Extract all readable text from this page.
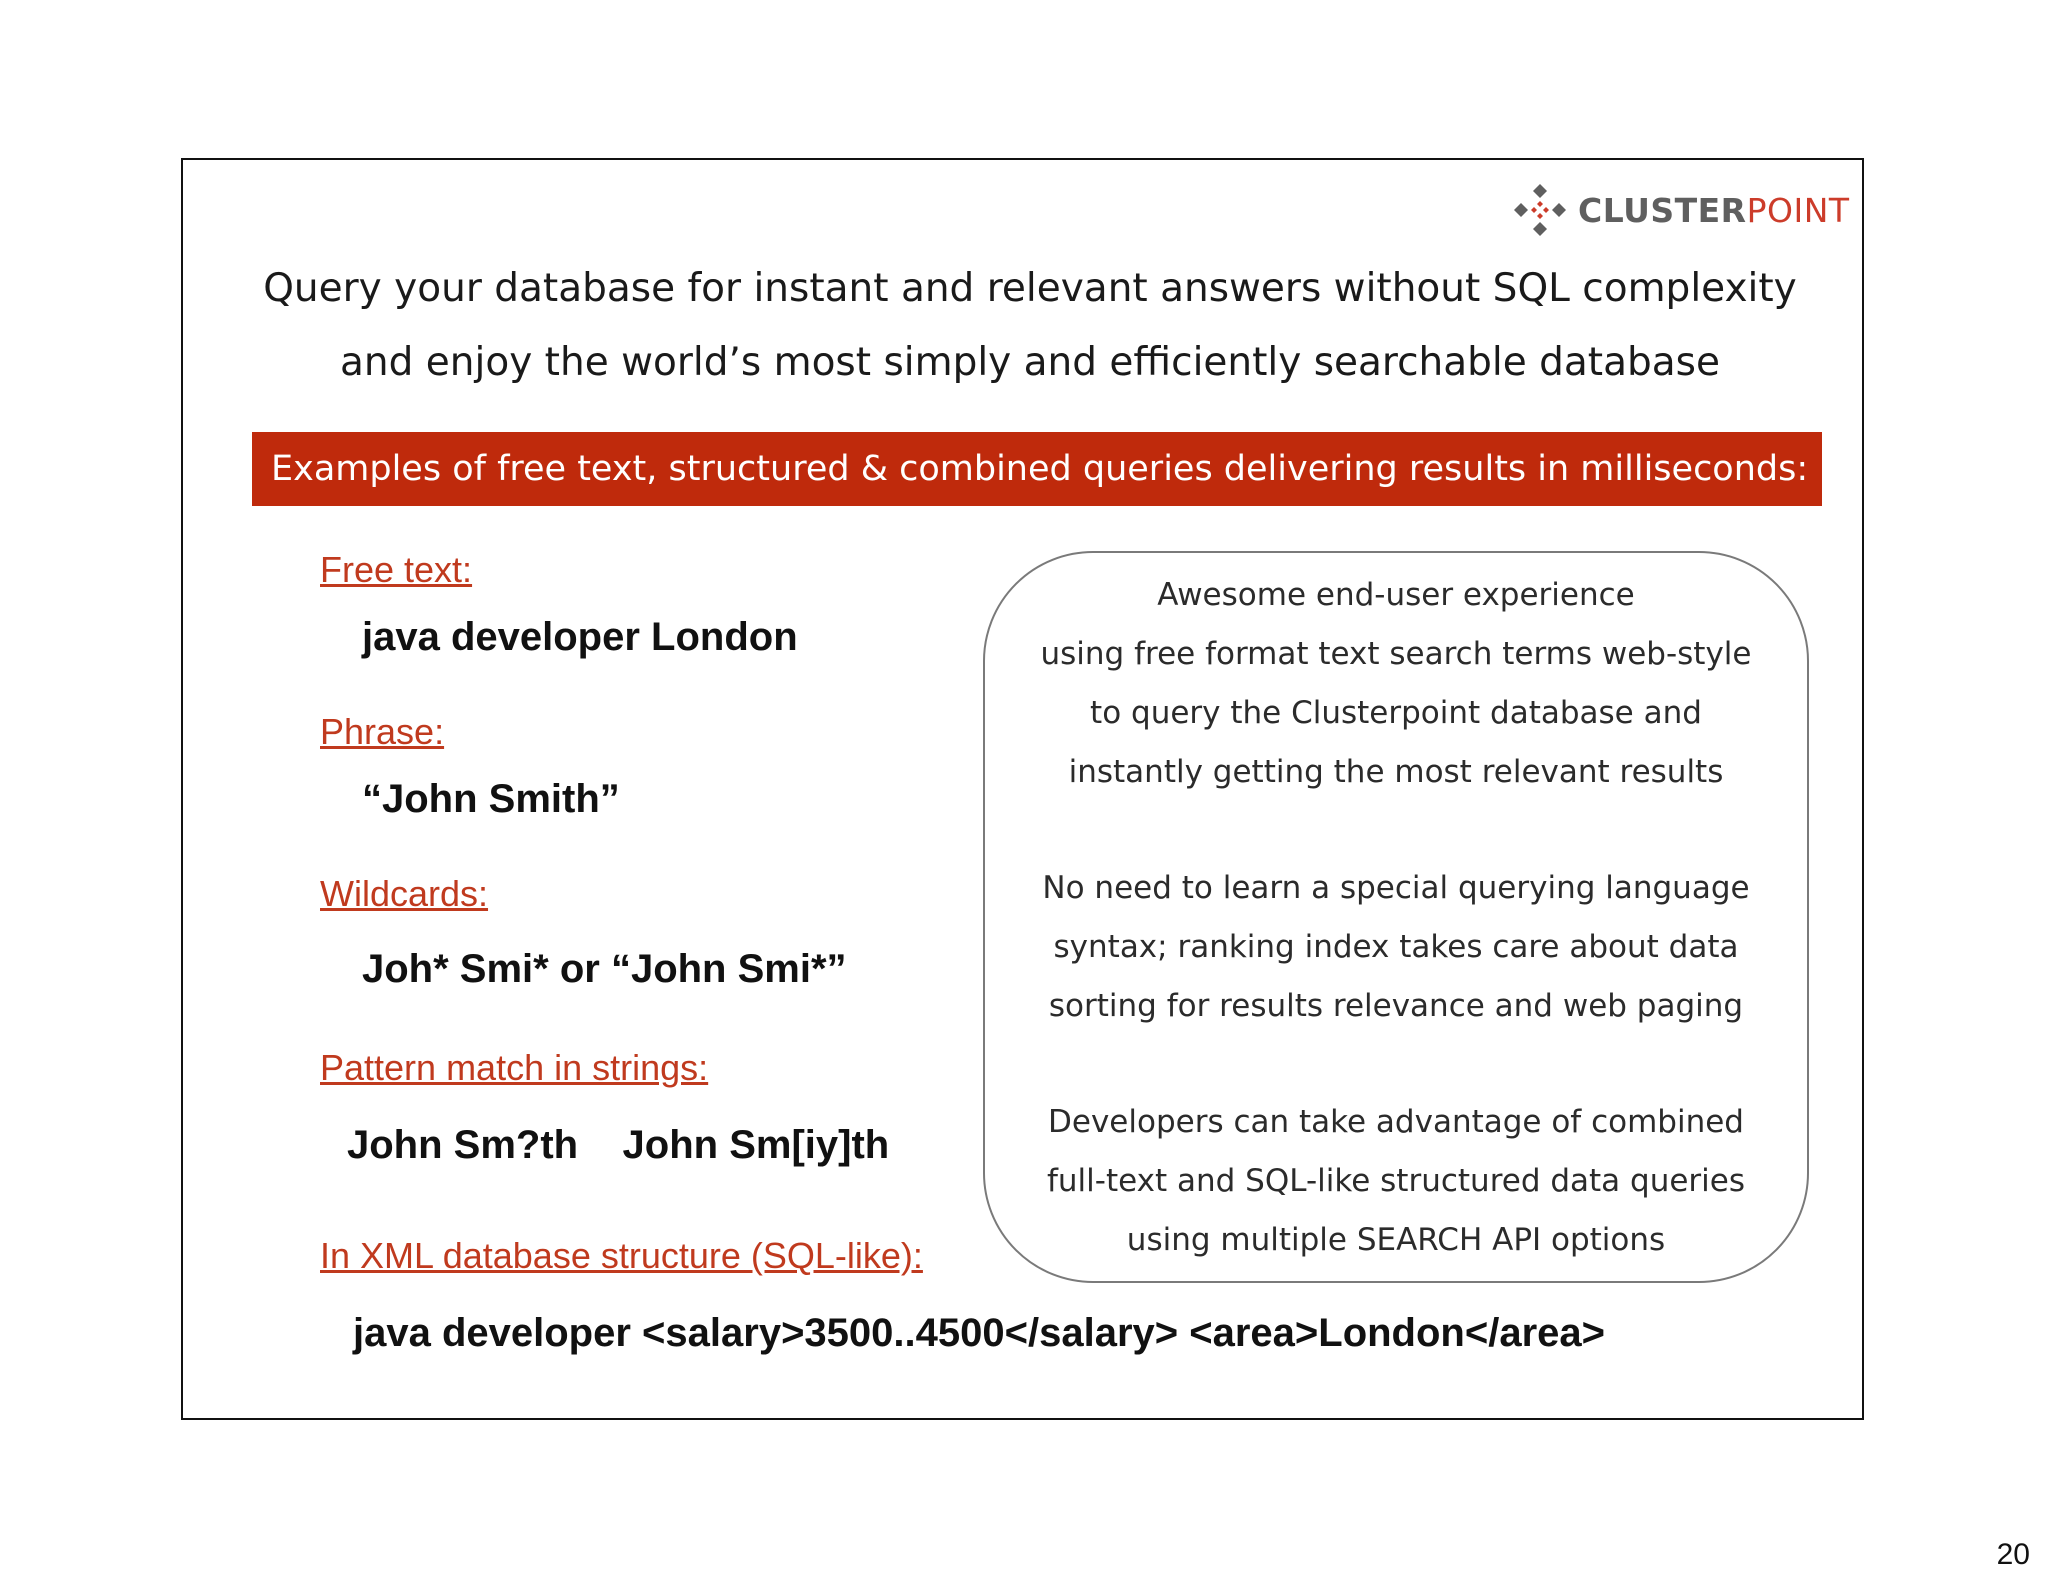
CLUSTERPOINT
Query your database for instant and relevant answers without SQL complexity
and enjoy the world’s most simply and efficiently searchable database
Examples of free text, structured & combined queries delivering results in milliseconds:
Free text:
java developer London
Phrase:
“John Smith”
Wildcards:
Joh* Smi* or “John Smi*”
Pattern match in strings:
John Sm?th    John Sm[iy]th
In XML database structure (SQL-like):
java developer <salary>3500..4500</salary> <area>London</area>
Awesome end-user experience
using free format text search terms web-style
to query the Clusterpoint database and
instantly getting the most relevant results
No need to learn a special querying language
syntax; ranking index takes care about data
sorting for results relevance and web paging
Developers can take advantage of combined
full-text and SQL-like structured data queries
using multiple SEARCH API options
20
